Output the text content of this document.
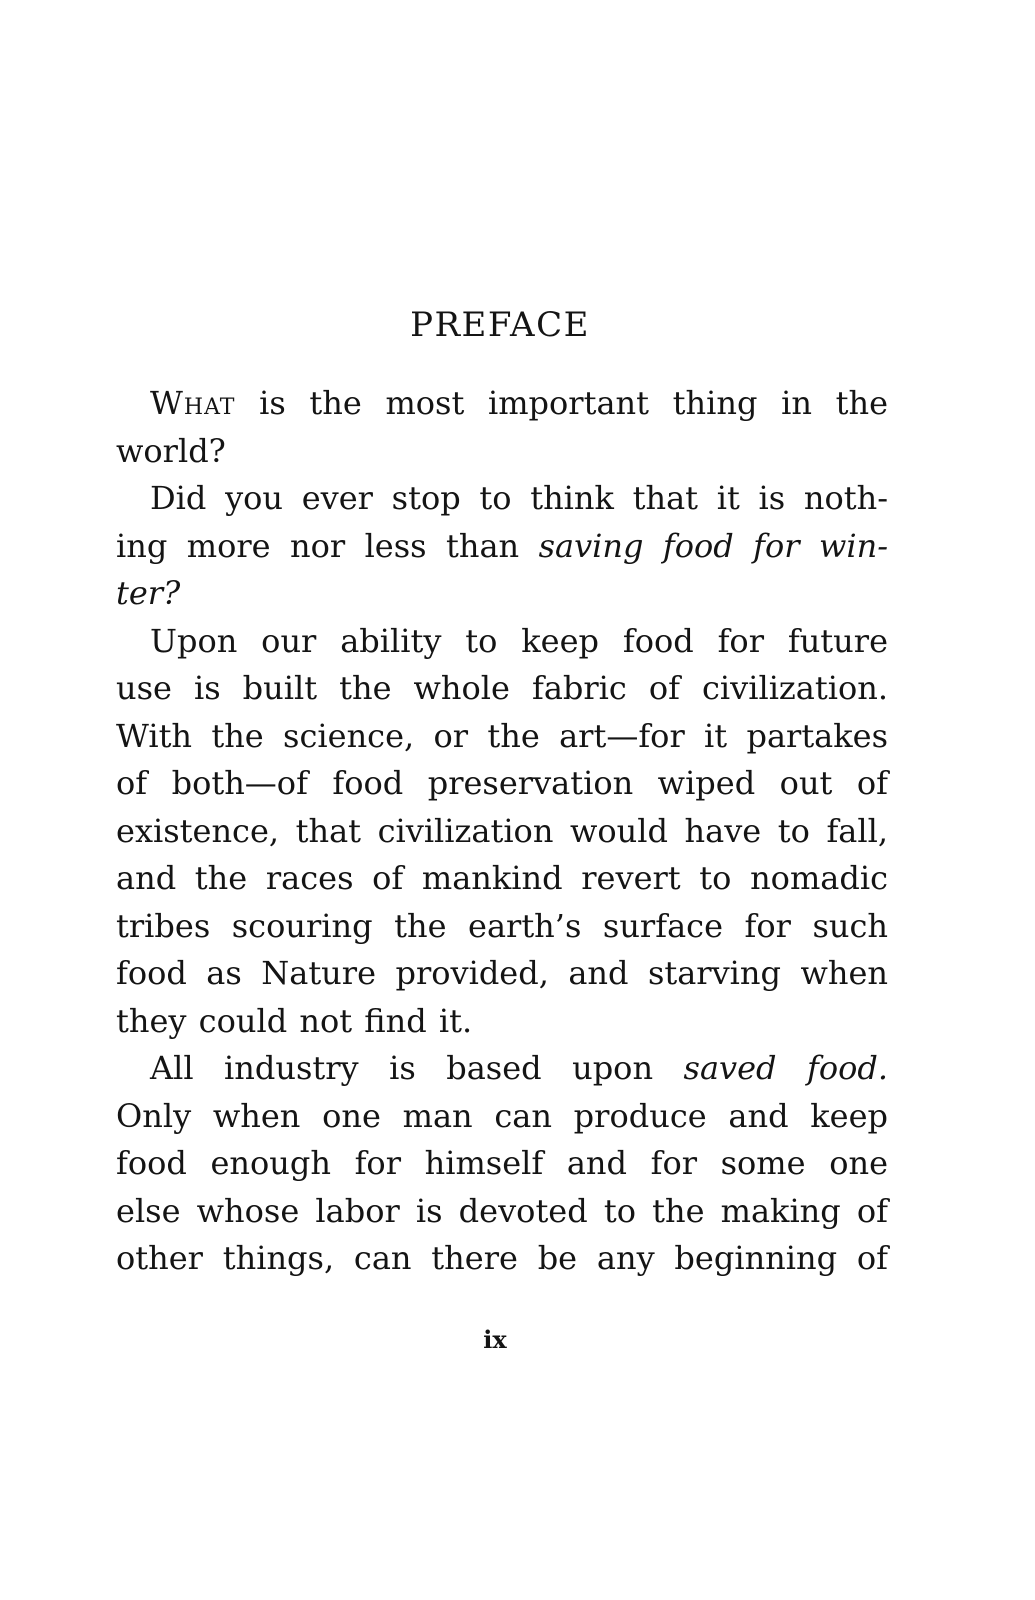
PREFACE
What is the most important thing in the
world?
Did you ever stop to think that it is noth-
ing more nor less than saving food for win-
ter?
Upon our ability to keep food for future
use is built the whole fabric of civilization.
With the science, or the art—for it partakes
of both—of food preservation wiped out of
existence, that civilization would have to fall,
and the races of mankind revert to nomadic
tribes scouring the earth’s surface for such
food as Nature provided, and starving when
they could not find it.
All industry is based upon saved food.
Only when one man can produce and keep
food enough for himself and for some one
else whose labor is devoted to the making of
other things, can there be any beginning of
ix
